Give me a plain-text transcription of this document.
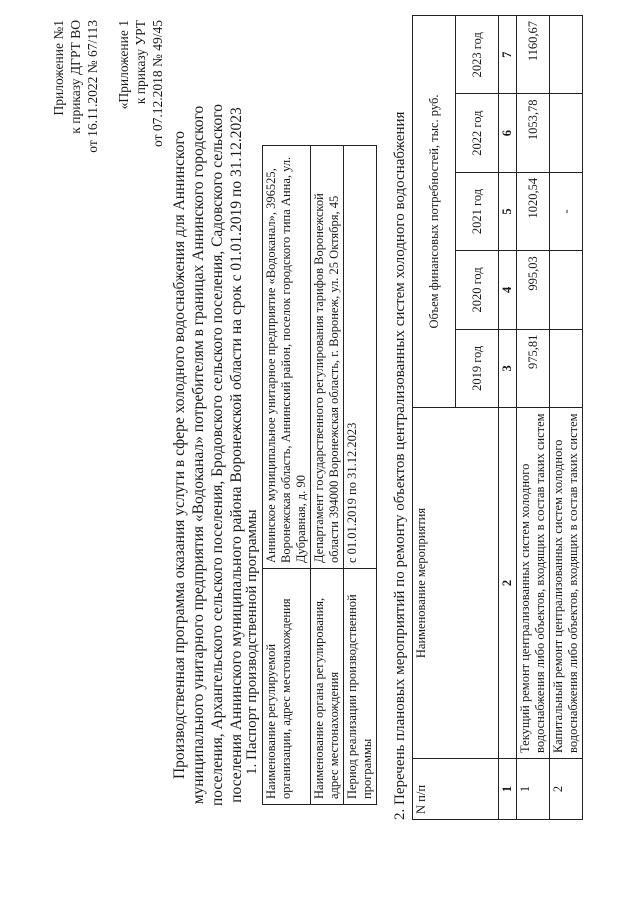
Приложение №1 к приказу ДГРТ ВО от 16.11.2022 № 67/113 «Приложение 1 к приказу УРТ от 07.12.2018 № 49/45
Производственная программа оказания услуги в сфере холодного водоснабжения для Аннинского муниципального унитарного предприятия «Водоканал» потребителям в границах Аннинского городского поселения, Архангельского сельского поселения, Бродовского сельского поселения, Садовского сельского поселения Аннинского муниципального района Воронежской области на срок с 01.01.2019 по 31.12.2023 1. Паспорт производственной программы Наименование регулируемой организации, адрес местонахождения	Аннинское муниципальное унитарное предприятие «Водоканал», 396525, Воронежская область, Аннинский район, поселок городского типа Анна, ул. Дубравная, д. 90
Наименование органа регулирования, адрес местонахождения	Департамент государственного регулирования тарифов Воронежской области 394000 Воронежская область, г. Воронеж, ул. 25 Октября, 45
Период реализации производственной программы	с 01.01.2019 по 31.12.2023 2. Перечень плановых мероприятий по ремонту объектов централизованных систем холодного водоснабжения N п/п	Наименование мероприятия	Объем финансовых потребностей, тыс. руб.				
		2019 год	2020 год	2021 год	2022 год	2023 год
1	2	3	4	5	6	7
1	Текущий ремонт централизованных систем холодного водоснабжения либо объектов, входящих в состав таких систем	975,81	995,03	1020,54	1053,78	1160,67
2	Капитальный ремонт централизованных систем холодного водоснабжения либо объектов, входящих в состав таких систем			-		
